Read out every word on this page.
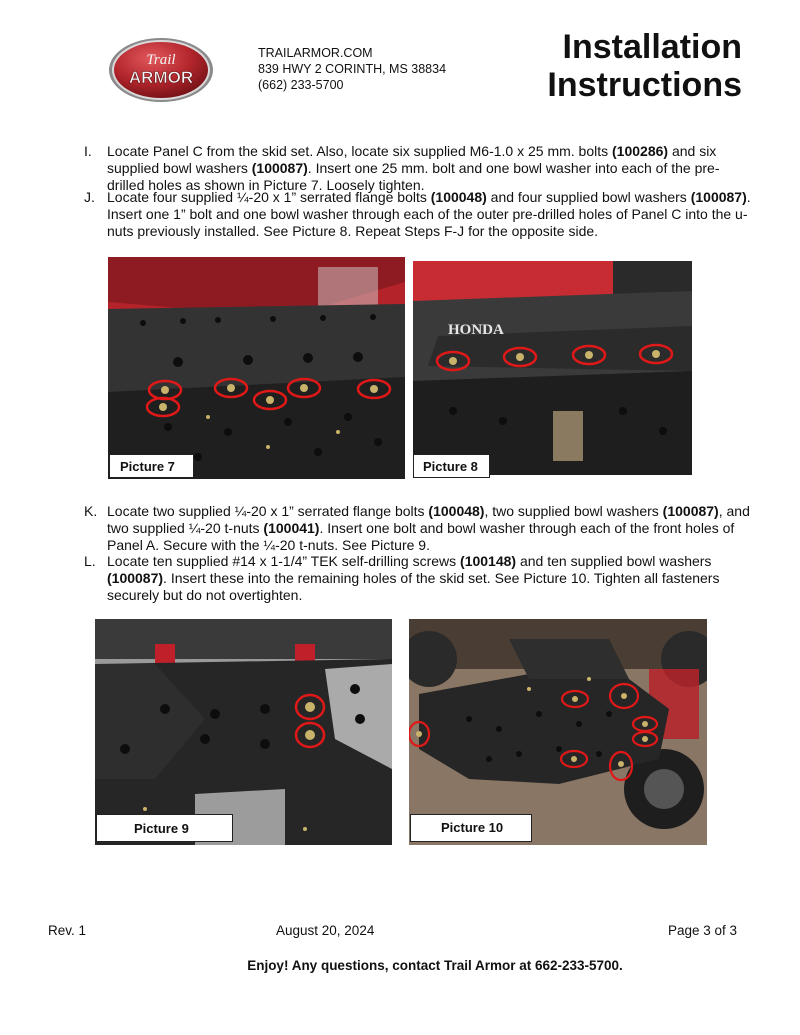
Trail
ARMOR
TRAILARMOR.COM
839 HWY 2 CORINTH, MS 38834
(662) 233-5700
Installation
Instructions
I. Locate Panel C from the skid set. Also, locate six supplied M6-1.0 x 25 mm. bolts (100286) and six supplied bowl washers (100087). Insert one 25 mm. bolt and one bowl washer into each of the pre-drilled holes as shown in Picture 7. Loosely tighten.
J. Locate four supplied ¼-20 x 1” serrated flange bolts (100048) and four supplied bowl washers (100087). Insert one 1” bolt and one bowl washer through each of the outer pre-drilled holes of Panel C into the u-nuts previously installed. See Picture 8. Repeat Steps F-J for the opposite side.
Picture 7
HONDA
Picture 8
K. Locate two supplied ¼-20 x 1” serrated flange bolts (100048), two supplied bowl washers (100087), and two supplied ¼-20 t-nuts (100041). Insert one bolt and bowl washer through each of the front holes of Panel A. Secure with the ¼-20 t-nuts. See Picture 9.
L. Locate ten supplied #14 x 1-1/4” TEK self-drilling screws (100148) and ten supplied bowl washers (100087). Insert these into the remaining holes of the skid set. See Picture 10. Tighten all fasteners securely but do not overtighten.
Picture 9	Picture 10
Rev. 1	August 20, 2024	Page 3 of 3
Enjoy! Any questions, contact Trail Armor at 662-233-5700.
